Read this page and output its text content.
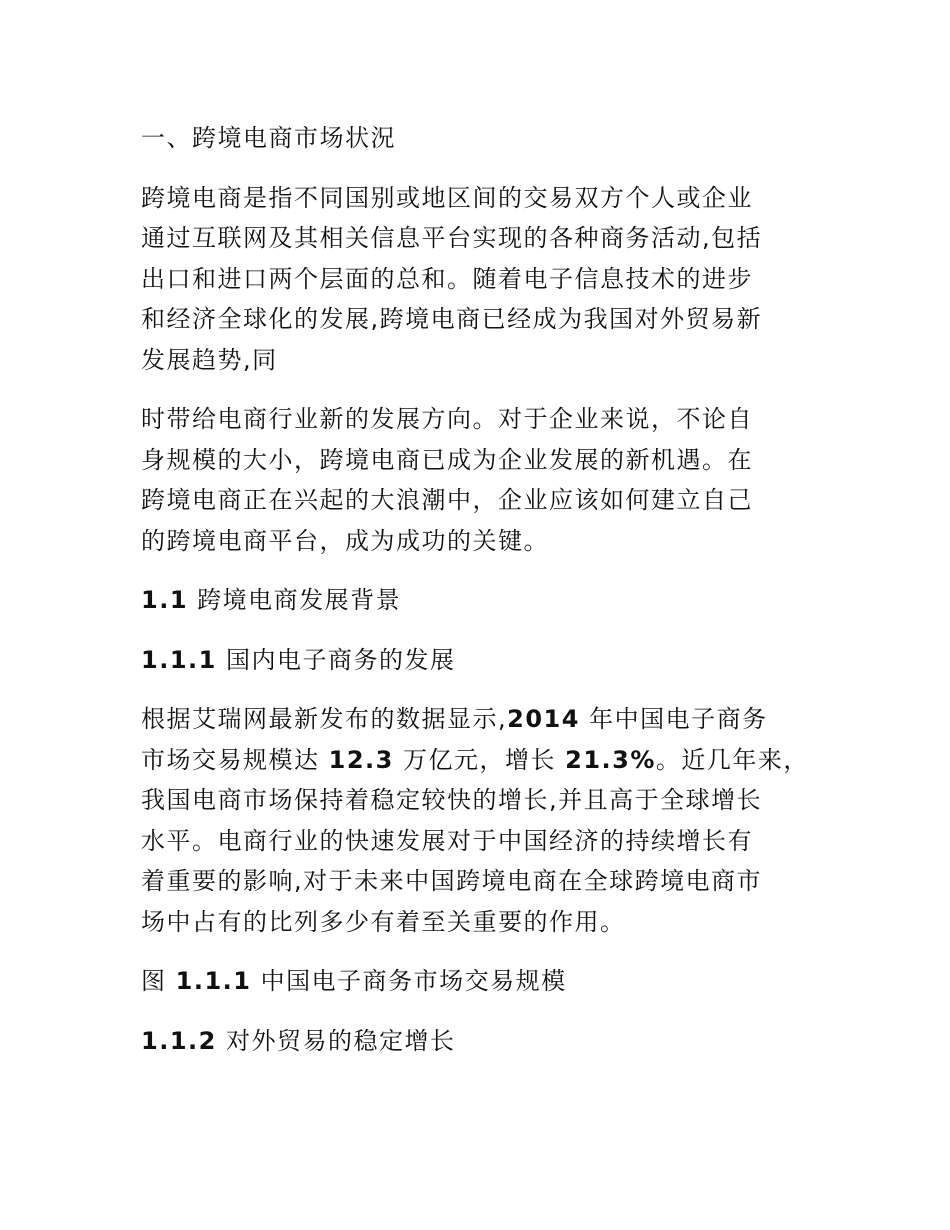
一、跨境电商市场状況
跨境电商是指不同国别或地区间的交易双方个人或企业
通过互联网及其相关信息平台实现的各种商务活动,包括
出口和进口两个层面的总和。随着电子信息技术的进步
和经济全球化的发展,跨境电商已经成为我国对外贸易新
发展趋势,同
时带给电商行业新的发展方向。对于企业来说，不论自
身规模的大小，跨境电商已成为企业发展的新机遇。在
跨境电商正在兴起的大浪潮中，企业应该如何建立自己
的跨境电商平台，成为成功的关键。
1.1 跨境电商发展背景
1.1.1 国内电子商务的发展
根据艾瑞网最新发布的数据显示,2014 年中国电子商务
市场交易规模达 12.3 万亿元，增长 21.3%。近几年来，
我国电商市场保持着稳定较快的增长,并且高于全球增长
水平。电商行业的快速发展对于中国经济的持续增长有
着重要的影响,对于未来中国跨境电商在全球跨境电商市
场中占有的比列多少有着至关重要的作用。
图 1.1.1 中国电子商务市场交易规模
1.1.2 对外贸易的稳定增长
